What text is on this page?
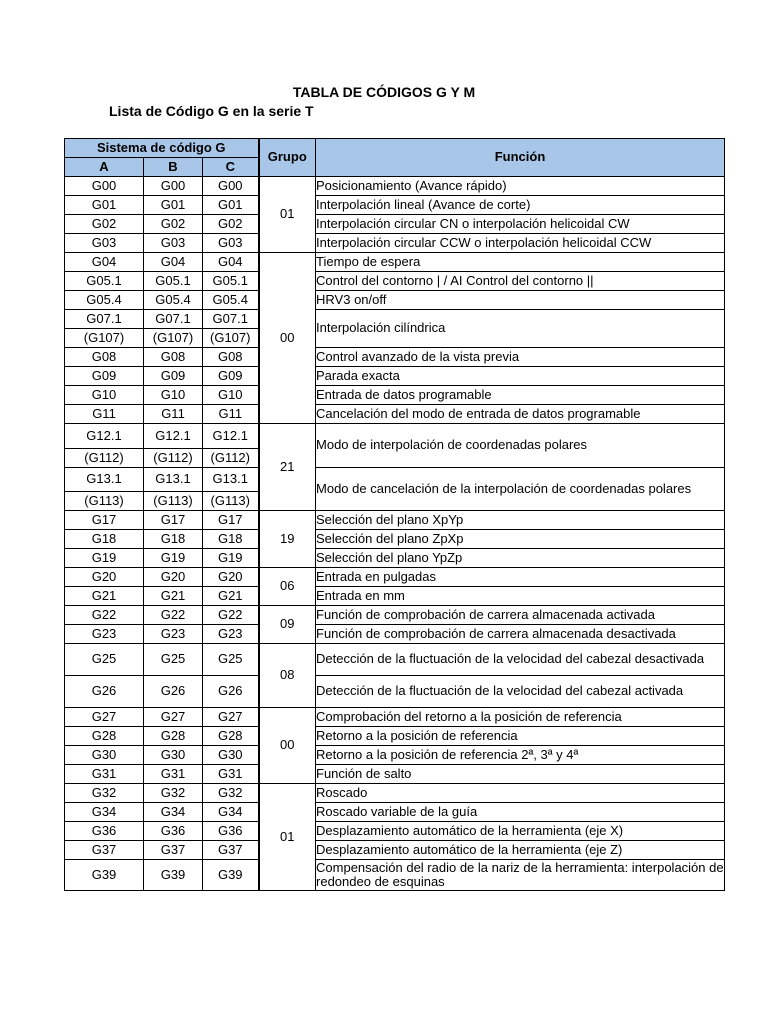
TABLA DE CÓDIGOS G Y M
Lista de Código G en la serie T
Sistema de código G			Grupo	Función
A	B	C		
G00	G00	G00	01	Posicionamiento (Avance rápido)
G01	G01	G01		Interpolación lineal (Avance de corte)
G02	G02	G02		Interpolación circular CN o interpolación helicoidal CW
G03	G03	G03		Interpolación circular CCW o interpolación helicoidal CCW
G04	G04	G04	00	Tiempo de espera
G05.1	G05.1	G05.1		Control del contorno | / AI Control del contorno ||
G05.4	G05.4	G05.4		HRV3 on/off
G07.1	G07.1	G07.1		Interpolación cilíndrica
(G107)	(G107)	(G107)		
G08	G08	G08		Control avanzado de la vista previa
G09	G09	G09		Parada exacta
G10	G10	G10		Entrada de datos programable
G11	G11	G11		Cancelación del modo de entrada de datos programable
G12.1	G12.1	G12.1	21	Modo de interpolación de coordenadas polares
(G112)	(G112)	(G112)		
G13.1	G13.1	G13.1		Modo de cancelación de la interpolación de coordenadas polares
(G113)	(G113)	(G113)		
G17	G17	G17	19	Selección del plano XpYp
G18	G18	G18		Selección del plano ZpXp
G19	G19	G19		Selección del plano YpZp
G20	G20	G20	06	Entrada en pulgadas
G21	G21	G21		Entrada en mm
G22	G22	G22	09	Función de comprobación de carrera almacenada activada
G23	G23	G23		Función de comprobación de carrera almacenada desactivada
G25	G25	G25	08	Detección de la fluctuación de la velocidad del cabezal desactivada
G26	G26	G26		Detección de la fluctuación de la velocidad del cabezal activada
G27	G27	G27	00	Comprobación del retorno a la posición de referencia
G28	G28	G28		Retorno a la posición de referencia
G30	G30	G30		Retorno a la posición de referencia 2ª, 3ª y 4ª
G31	G31	G31		Función de salto
G32	G32	G32	01	Roscado
G34	G34	G34		Roscado variable de la guía
G36	G36	G36		Desplazamiento automático de la herramienta (eje X)
G37	G37	G37		Desplazamiento automático de la herramienta (eje Z)
G39	G39	G39		Compensación del radio de la nariz de la herramienta: interpolación de redondeo de esquinas
